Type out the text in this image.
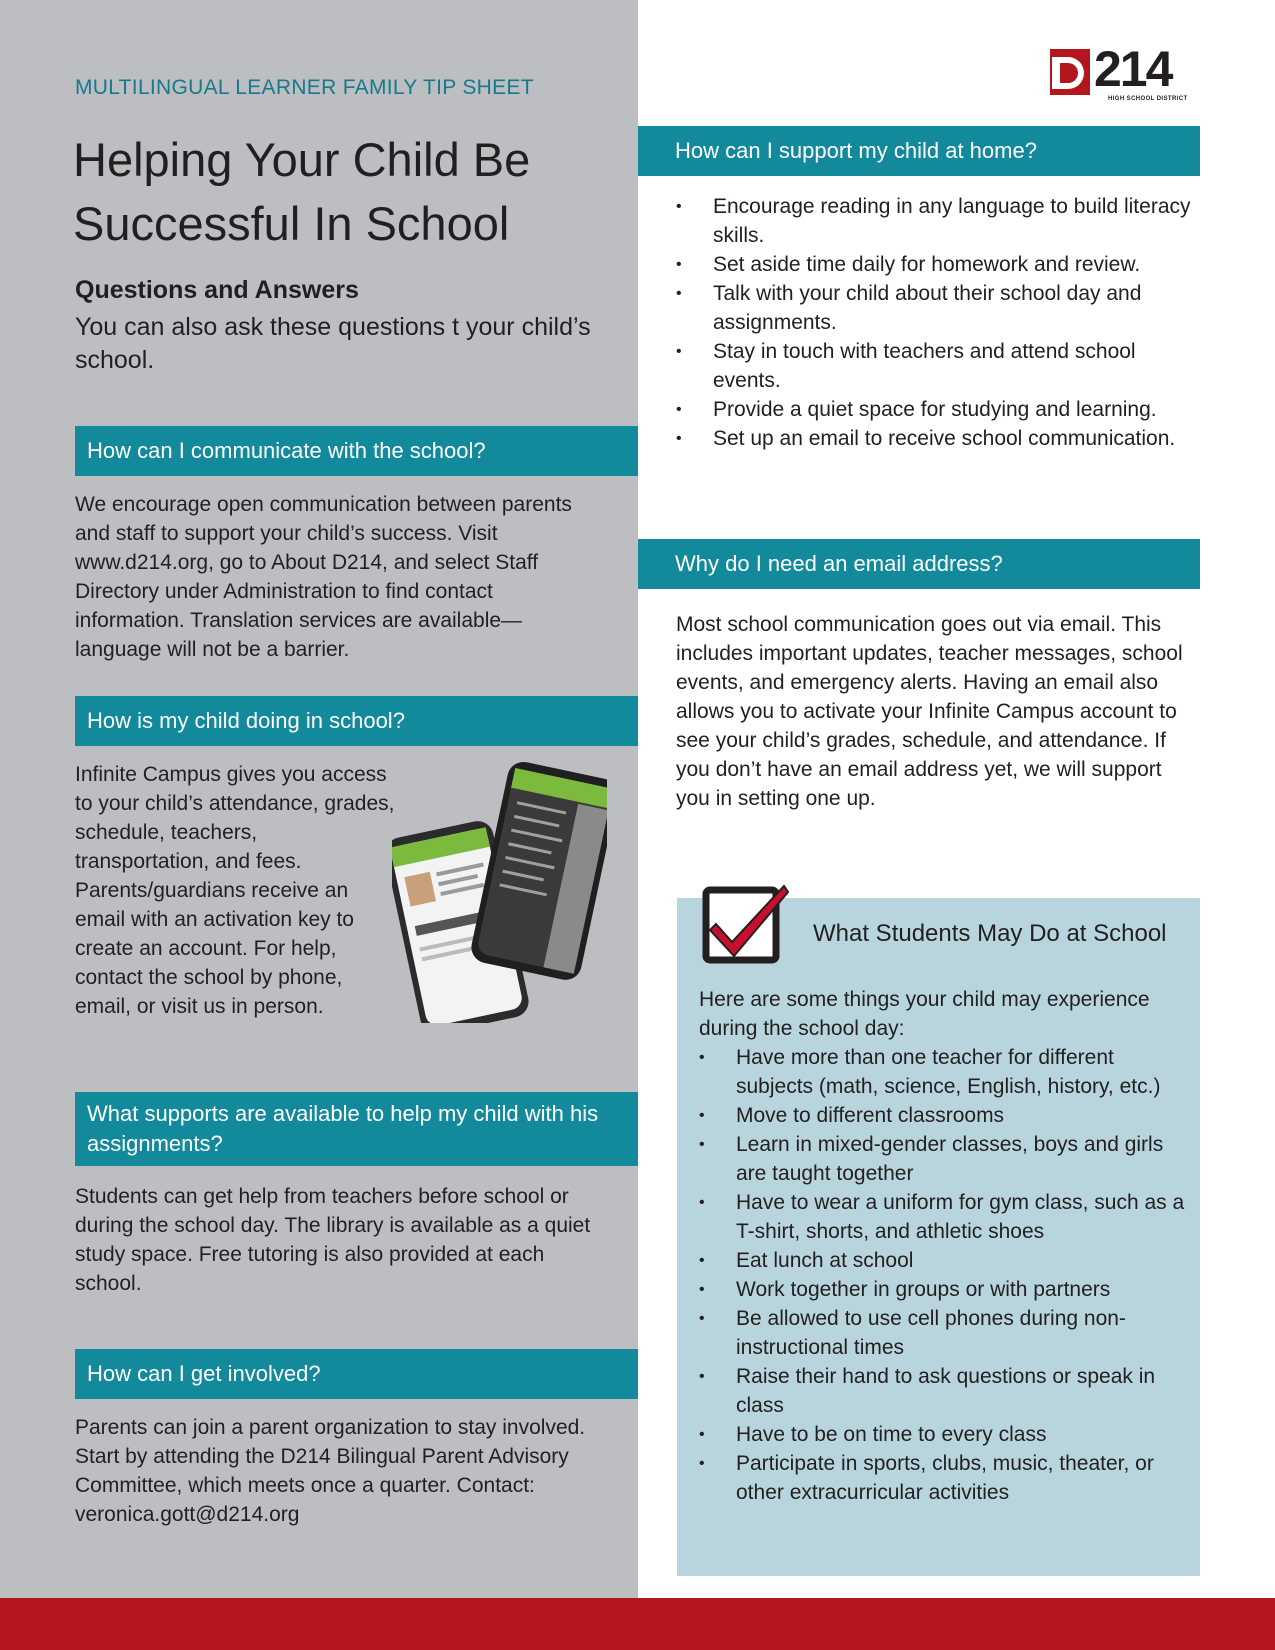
MULTILINGUAL LEARNER FAMILY TIP SHEET
Helping Your Child Be Successful In School
Questions and Answers
You can also ask these questions t your child’s school.
214
HIGH SCHOOL DISTRICT
How can I communicate with the school?

We encourage open communication between parents and staff to support your child’s success. Visit www.d214.org, go to About D214, and select Staff Directory under Administration to find contact information. Translation services are available—language will not be a barrier.

How is my child doing in school?

Infinite Campus gives you access to your child’s attendance, grades, schedule, teachers, transportation, and fees. Parents/guardians receive an email with an activation key to create an account. For help, contact the school by phone, email, or visit us in person.

What supports are available to help my child with his assignments?

Students can get help from teachers before school or during the school day. The library is available as a quiet study space. Free tutoring is also provided at each school.

How can I get involved?

Parents can join a parent organization to stay involved. Start by attending the D214 Bilingual Parent Advisory Committee, which meets once a quarter. Contact: veronica.gott@d214.org

How can I support my child at home?
• Encourage reading in any language to build literacy skills.
• Set aside time daily for homework and review.
• Talk with your child about their school day and assignments.
• Stay in touch with teachers and attend school events.
• Provide a quiet space for studying and learning.
• Set up an email to receive school communication.
Why do I need an email address?

Most school communication goes out via email. This includes important updates, teacher messages, school events, and emergency alerts. Having an email also allows you to activate your Infinite Campus account to see your child’s grades, schedule, and attendance. If you don’t have an email address yet, we will support you in setting one up.

What Students May Do at School

Here are some things your child may experience during the school day:

• Have more than one teacher for different subjects (math, science, English, history, etc.)
• Move to different classrooms
• Learn in mixed-gender classes, boys and girls are taught together
• Have to wear a uniform for gym class, such as a T-shirt, shorts, and athletic shoes
• Eat lunch at school
• Work together in groups or with partners
• Be allowed to use cell phones during non-instructional times
• Raise their hand to ask questions or speak in class
• Have to be on time to every class
• Participate in sports, clubs, music, theater, or other extracurricular activities
